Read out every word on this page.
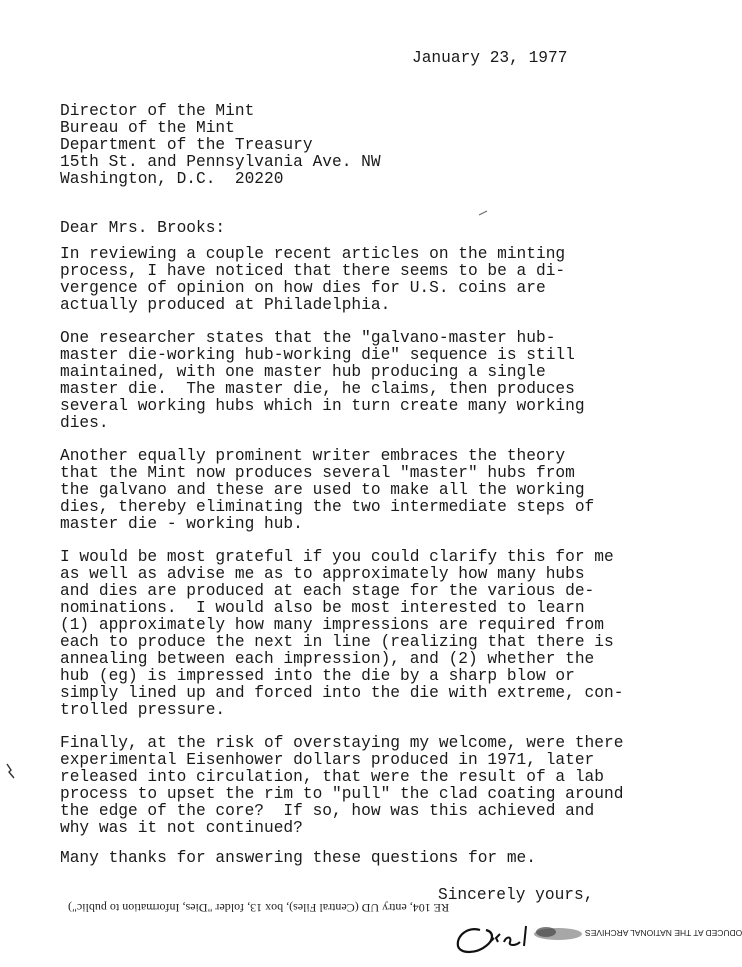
January 23, 1977
Director of the Mint
Bureau of the Mint
Department of the Treasury
15th St. and Pennsylvania Ave. NW
Washington, D.C.  20220
Dear Mrs. Brooks:
In reviewing a couple recent articles on the minting
process, I have noticed that there seems to be a di-
vergence of opinion on how dies for U.S. coins are
actually produced at Philadelphia.
One researcher states that the "galvano-master hub-
master die-working hub-working die" sequence is still
maintained, with one master hub producing a single
master die.  The master die, he claims, then produces
several working hubs which in turn create many working
dies.
Another equally prominent writer embraces the theory
that the Mint now produces several "master" hubs from
the galvano and these are used to make all the working
dies, thereby eliminating the two intermediate steps of
master die - working hub.
I would be most grateful if you could clarify this for me
as well as advise me as to approximately how many hubs
and dies are produced at each stage for the various de-
nominations.  I would also be most interested to learn
(1) approximately how many impressions are required from
each to produce the next in line (realizing that there is
annealing between each impression), and (2) whether the
hub (eg) is impressed into the die by a sharp blow or
simply lined up and forced into the die with extreme, con-
trolled pressure.
Finally, at the risk of overstaying my welcome, were there
experimental Eisenhower dollars produced in 1971, later
released into circulation, that were the result of a lab
process to upset the rim to "pull" the clad coating around
the edge of the core?  If so, how was this achieved and
why was it not continued?
Many thanks for answering these questions for me.
Sincerely yours,
RE 104, entry UD (Central Files), box 13, folder "Dies, Information to public")
ODUCED AT THE NATIONAL ARCHIVES
